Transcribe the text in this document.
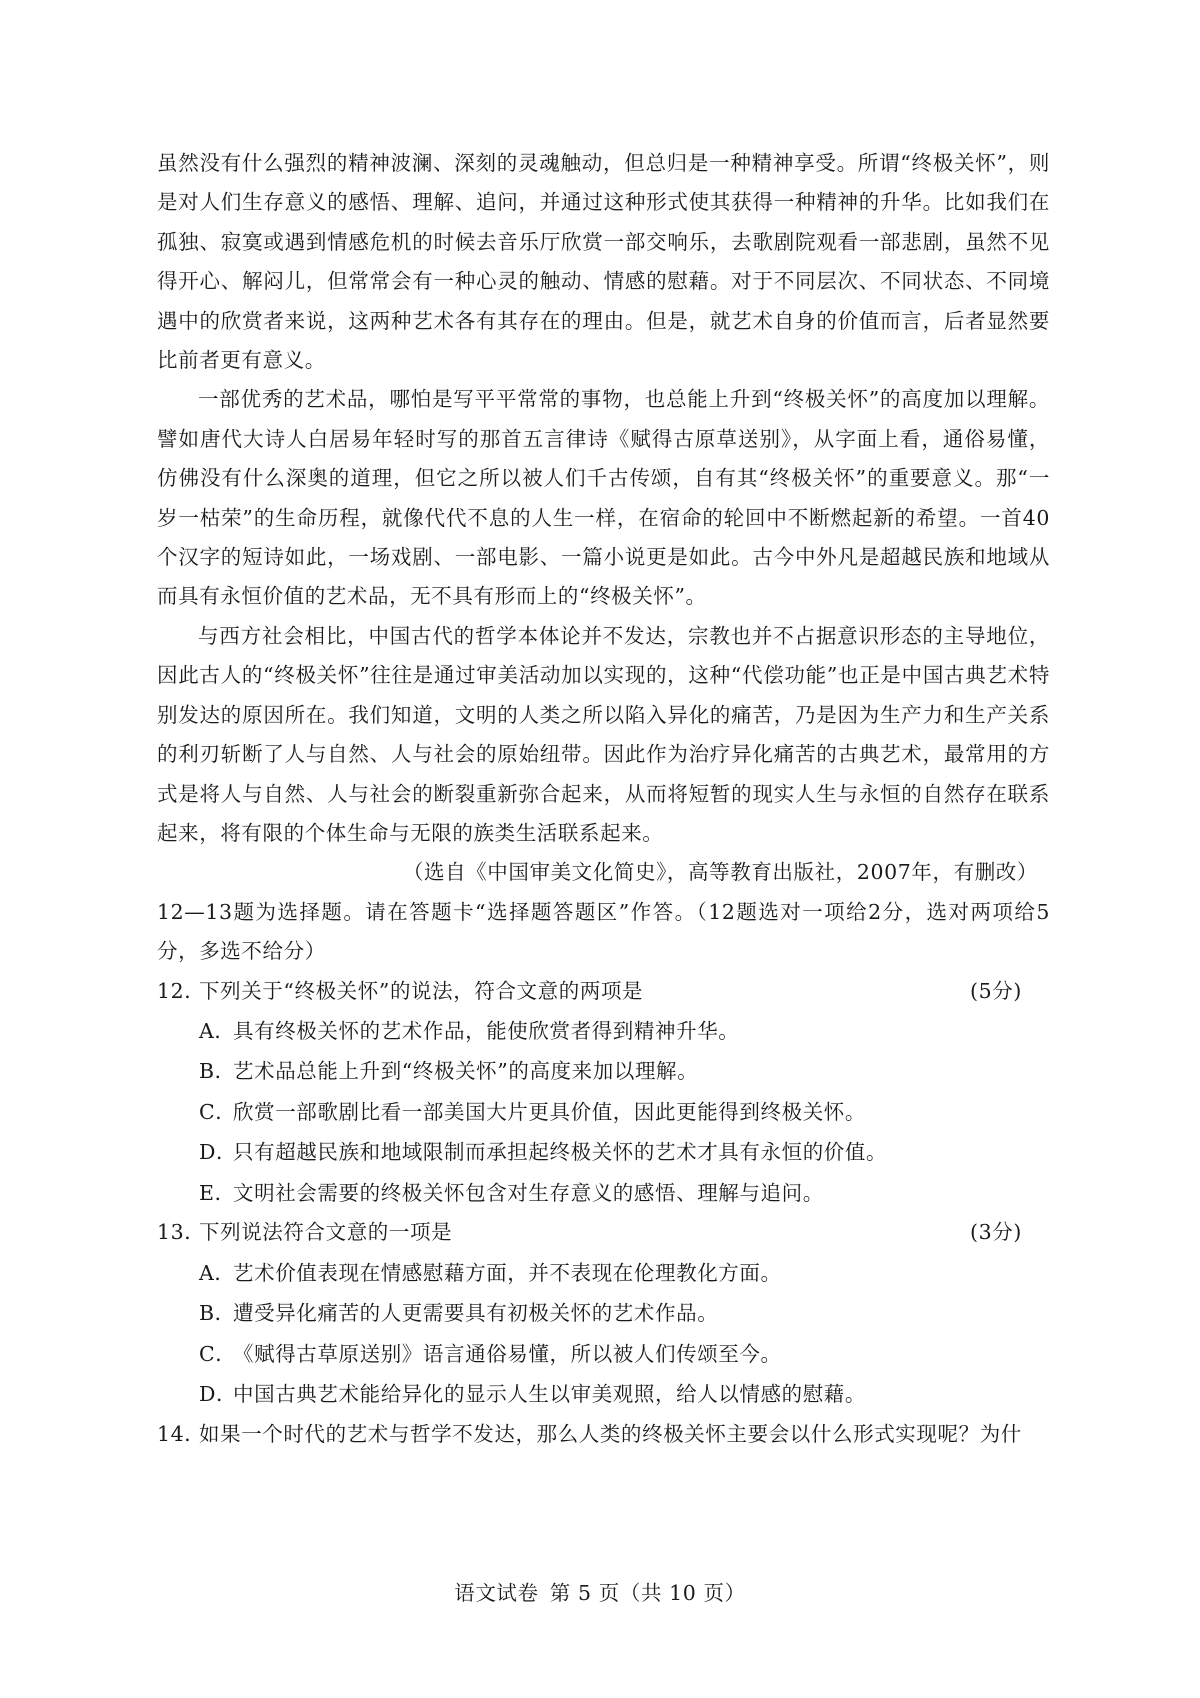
虽然没有什么强烈的精神波澜、深刻的灵魂触动，但总归是一种精神享受。所谓“终极关怀”，则是对人们生存意义的感悟、理解、追问，并通过这种形式使其获得一种精神的升华。比如我们在孤独、寂寞或遇到情感危机的时候去音乐厅欣赏一部交响乐，去歌剧院观看一部悲剧，虽然不见得开心、解闷儿，但常常会有一种心灵的触动、情感的慰藉。对于不同层次、不同状态、不同境遇中的欣赏者来说，这两种艺术各有其存在的理由。但是，就艺术自身的价值而言，后者显然要比前者更有意义。

一部优秀的艺术品，哪怕是写平平常常的事物，也总能上升到“终极关怀”的高度加以理解。譬如唐代大诗人白居易年轻时写的那首五言律诗《赋得古原草送别》，从字面上看，通俗易懂，仿佛没有什么深奥的道理，但它之所以被人们千古传颂，自有其“终极关怀”的重要意义。那“一岁一枯荣”的生命历程，就像代代不息的人生一样，在宿命的轮回中不断燃起新的希望。一首40个汉字的短诗如此，一场戏剧、一部电影、一篇小说更是如此。古今中外凡是超越民族和地域从而具有永恒价值的艺术品，无不具有形而上的“终极关怀”。

与西方社会相比，中国古代的哲学本体论并不发达，宗教也并不占据意识形态的主导地位，因此古人的“终极关怀”往往是通过审美活动加以实现的，这种“代偿功能”也正是中国古典艺术特别发达的原因所在。我们知道，文明的人类之所以陷入异化的痛苦，乃是因为生产力和生产关系的利刃斩断了人与自然、人与社会的原始纽带。因此作为治疗异化痛苦的古典艺术，最常用的方式是将人与自然、人与社会的断裂重新弥合起来，从而将短暂的现实人生与永恒的自然存在联系起来，将有限的个体生命与无限的族类生活联系起来。

（选自《中国审美文化简史》，高等教育出版社，2007年，有删改）

12—13题为选择题。请在答题卡“选择题答题区”作答。（12题选对一项给2分，选对两项给5分，多选不给分）

12．下列关于“终极关怀”的说法，符合文意的两项是	(5分)
A．具有终极关怀的艺术作品，能使欣赏者得到精神升华。
B．艺术品总能上升到“终极关怀”的高度来加以理解。
C．欣赏一部歌剧比看一部美国大片更具价值，因此更能得到终极关怀。
D．只有超越民族和地域限制而承担起终极关怀的艺术才具有永恒的价值。
E．文明社会需要的终极关怀包含对生存意义的感悟、理解与追问。
13．下列说法符合文意的一项是	(3分)
A．艺术价值表现在情感慰藉方面，并不表现在伦理教化方面。
B．遭受异化痛苦的人更需要具有初极关怀的艺术作品。
C．《赋得古草原送别》语言通俗易懂，所以被人们传颂至今。
D．中国古典艺术能给异化的显示人生以审美观照，给人以情感的慰藉。
14．如果一个时代的艺术与哲学不发达，那么人类的终极关怀主要会以什么形式实现呢？为什
语文试卷 第 5 页（共 10 页）
